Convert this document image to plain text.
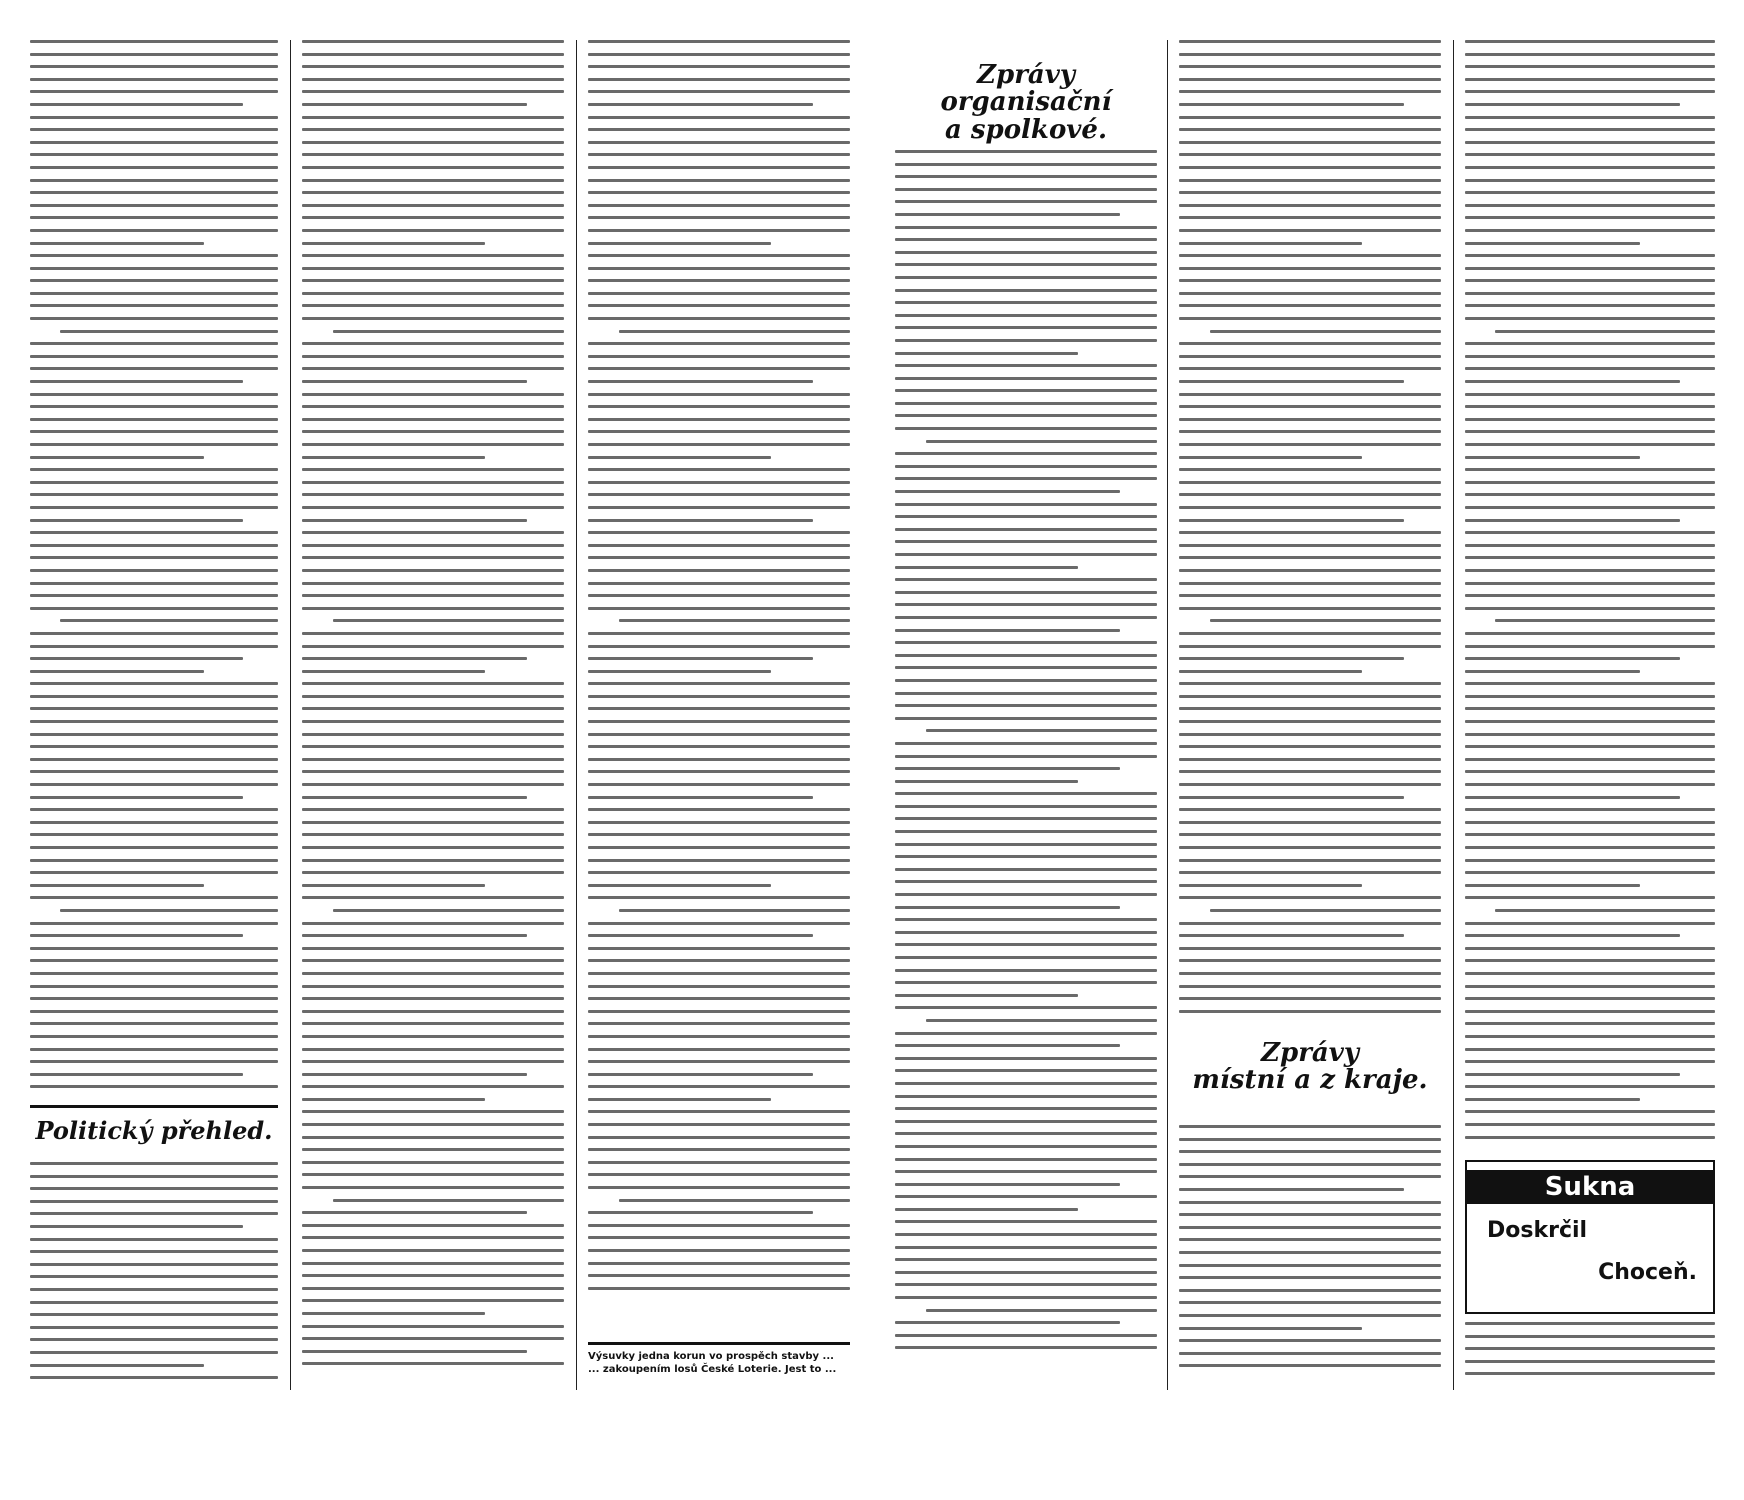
Politický přehled.
Výsuvky jedna korun vo prospěch stavby ...
... zakoupením losů České Loterie. Jest to ...
Zprávy organisační
a spolkové.
Zprávy
místní a z kraje.
Sukna
Doskrčil
Choceň.
